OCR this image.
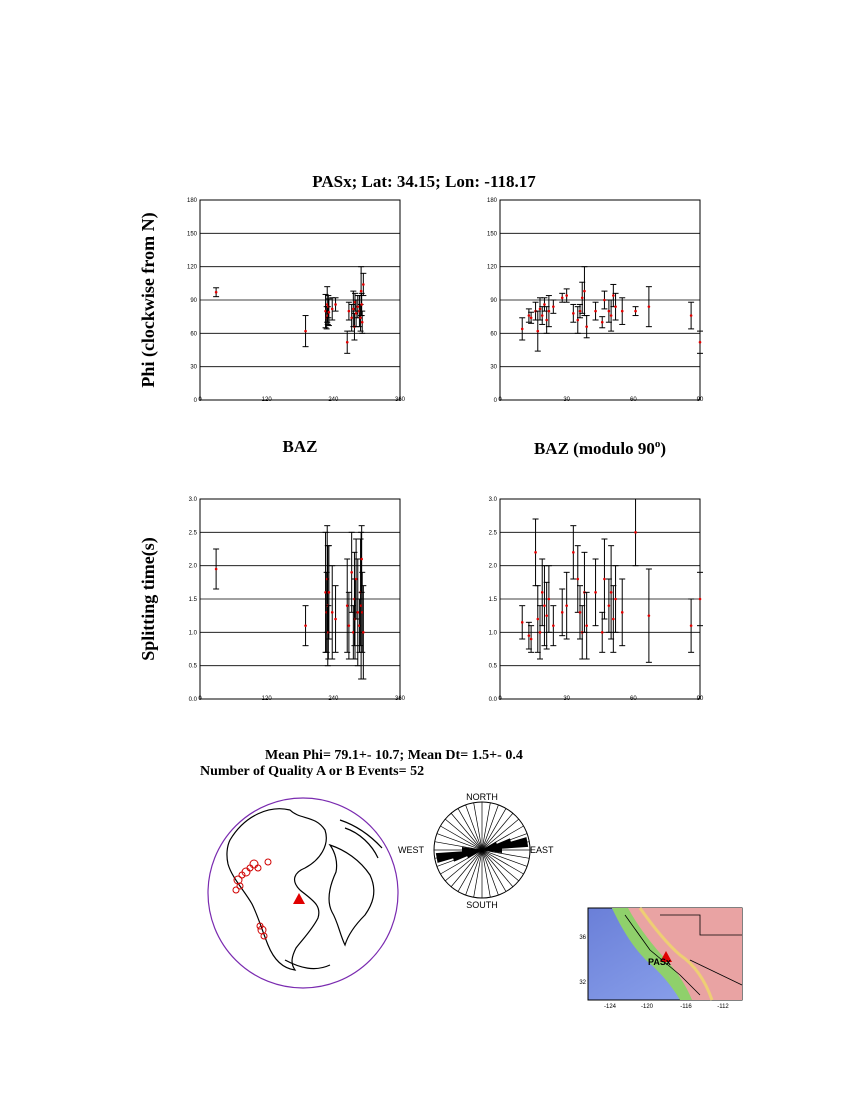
PASx; Lat: 34.15; Lon: -118.17
Phi (clockwise from N)
Splitting time(s)
BAZ	BAZ (modulo 90$^o$)
0
30
60
90
120
150
180
0	120	240	360	0
30
60
90
120
150
180
0	30	60	90
0.0
0.5
1.0
1.5
2.0
2.5
3.0
0	120	240	360	0.0
0.5
1.0
1.5
2.0
2.5
3.0
0	30	60	90
Mean Phi= 79.1+- 10.7; Mean Dt= 1.5+- 0.4
Number of Quality A or B Events= 52
NORTH
SOUTH
EAST
WEST
PASx
36
32
-124	-120	-116	-112
